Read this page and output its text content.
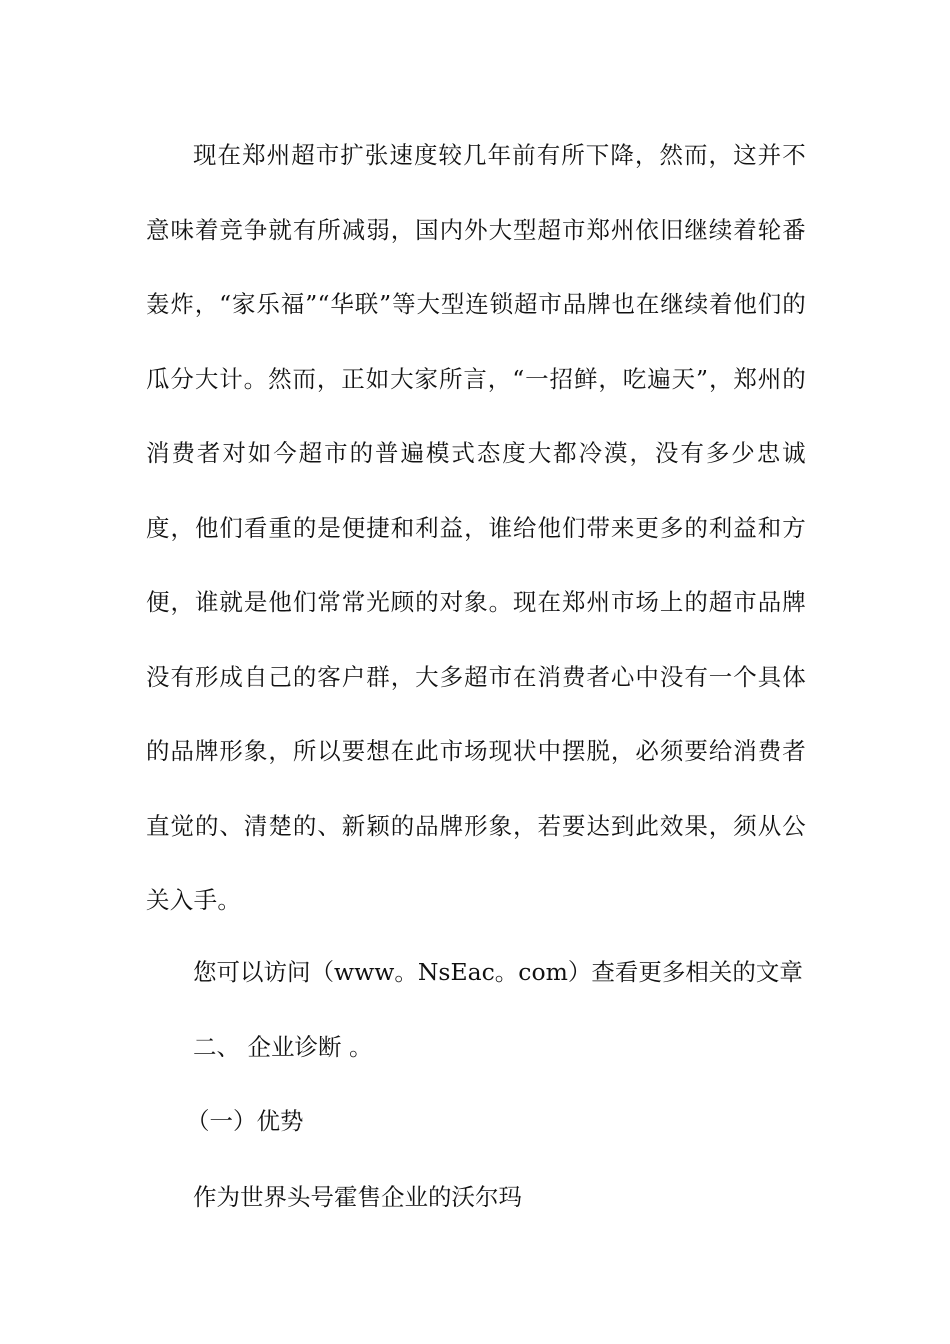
现在郑州超市扩张速度较几年前有所下降，然而，这并不意味着竞争就有所减弱，国内外大型超市郑州依旧继续着轮番轰炸，“家乐福”“华联”等大型连锁超市品牌也在继续着他们的瓜分大计。然而，正如大家所言，“一招鲜，吃遍天”，郑州的消费者对如今超市的普遍模式态度大都冷漠，没有多少忠诚度，他们看重的是便捷和利益，谁给他们带来更多的利益和方便，谁就是他们常常光顾的对象。现在郑州市场上的超市品牌没有形成自己的客户群，大多超市在消费者心中没有一个具体的品牌形象，所以要想在此市场现状中摆脱，必须要给消费者直觉的、清楚的、新颖的品牌形象，若要达到此效果，须从公关入手。

您可以访问（www。NsEac。com）查看更多相关的文章

二、 企业诊断 。

（一）优势

作为世界头号霍售企业的沃尔玛
